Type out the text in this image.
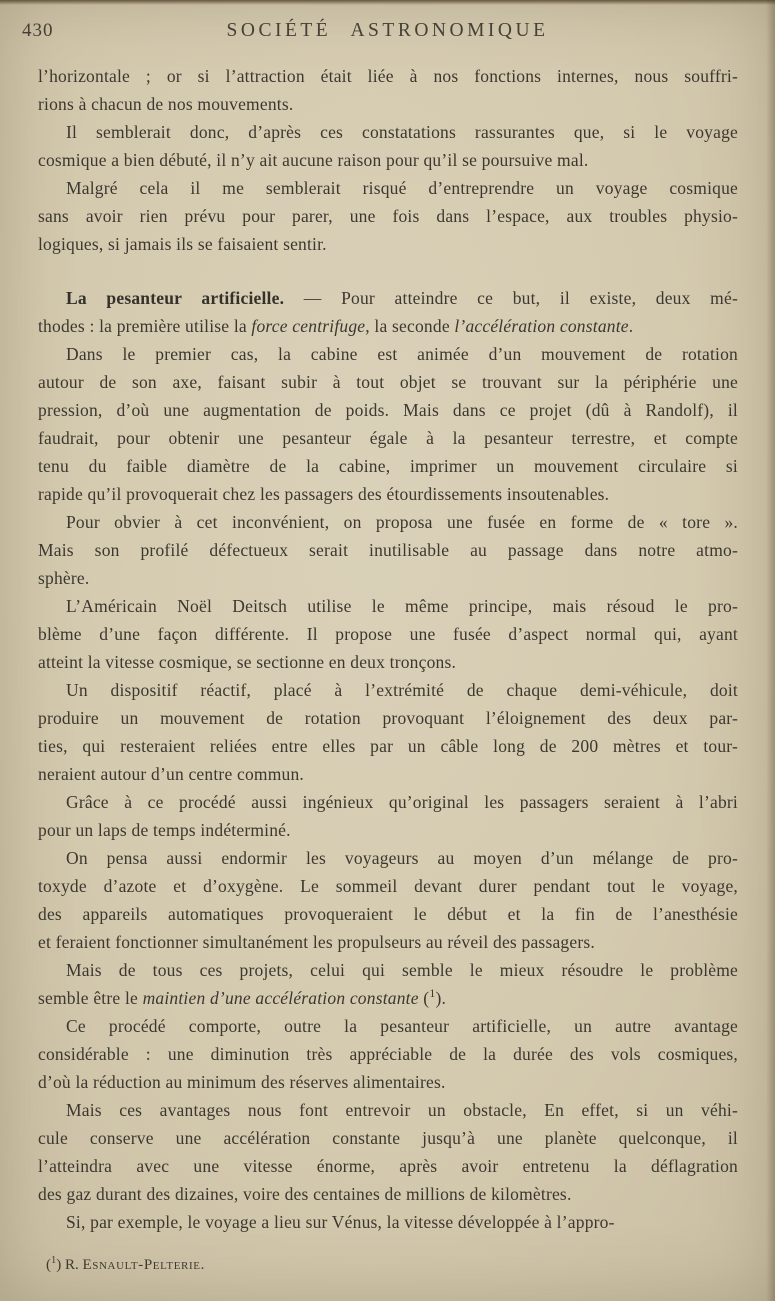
430	SOCIÉTÉ ASTRONOMIQUE
l’horizontale ; or si l’attraction était liée à nos fonctions internes, nous souffri-
rions à chacun de nos mouvements.
Il semblerait donc, d’après ces constatations rassurantes que, si le voyage
cosmique a bien débuté, il n’y ait aucune raison pour qu’il se poursuive mal.
Malgré cela il me semblerait risqué d’entreprendre un voyage cosmique
sans avoir rien prévu pour parer, une fois dans l’espace, aux troubles physio-
logiques, si jamais ils se faisaient sentir.
La pesanteur artificielle. — Pour atteindre ce but, il existe, deux mé-
thodes : la première utilise la force centrifuge, la seconde l’accélération constante.
Dans le premier cas, la cabine est animée d’un mouvement de rotation
autour de son axe, faisant subir à tout objet se trouvant sur la périphérie une
pression, d’où une augmentation de poids. Mais dans ce projet (dû à Randolf), il
faudrait, pour obtenir une pesanteur égale à la pesanteur terrestre, et compte
tenu du faible diamètre de la cabine, imprimer un mouvement circulaire si
rapide qu’il provoquerait chez les passagers des étourdissements insoutenables.
Pour obvier à cet inconvénient, on proposa une fusée en forme de « tore ».
Mais son profilé défectueux serait inutilisable au passage dans notre atmo-
sphère.
L’Américain Noël Deitsch utilise le même principe, mais résoud le pro-
blème d’une façon différente. Il propose une fusée d’aspect normal qui, ayant
atteint la vitesse cosmique, se sectionne en deux tronçons.
Un dispositif réactif, placé à l’extrémité de chaque demi-véhicule, doit
produire un mouvement de rotation provoquant l’éloignement des deux par-
ties, qui resteraient reliées entre elles par un câble long de 200 mètres et tour-
neraient autour d’un centre commun.
Grâce à ce procédé aussi ingénieux qu’original les passagers seraient à l’abri
pour un laps de temps indéterminé.
On pensa aussi endormir les voyageurs au moyen d’un mélange de pro-
toxyde d’azote et d’oxygène. Le sommeil devant durer pendant tout le voyage,
des appareils automatiques provoqueraient le début et la fin de l’anesthésie
et feraient fonctionner simultanément les propulseurs au réveil des passagers.
Mais de tous ces projets, celui qui semble le mieux résoudre le problème
semble être le maintien d’une accélération constante ($^1$).
Ce procédé comporte, outre la pesanteur artificielle, un autre avantage
considérable : une diminution très appréciable de la durée des vols cosmiques,
d’où la réduction au minimum des réserves alimentaires.
Mais ces avantages nous font entrevoir un obstacle, En effet, si un véhi-
cule conserve une accélération constante jusqu’à une planète quelconque, il
l’atteindra avec une vitesse énorme, après avoir entretenu la déflagration
des gaz durant des dizaines, voire des centaines de millions de kilomètres.
Si, par exemple, le voyage a lieu sur Vénus, la vitesse développée à l’appro-
($^1$) R. Esnault-Pelterie.
